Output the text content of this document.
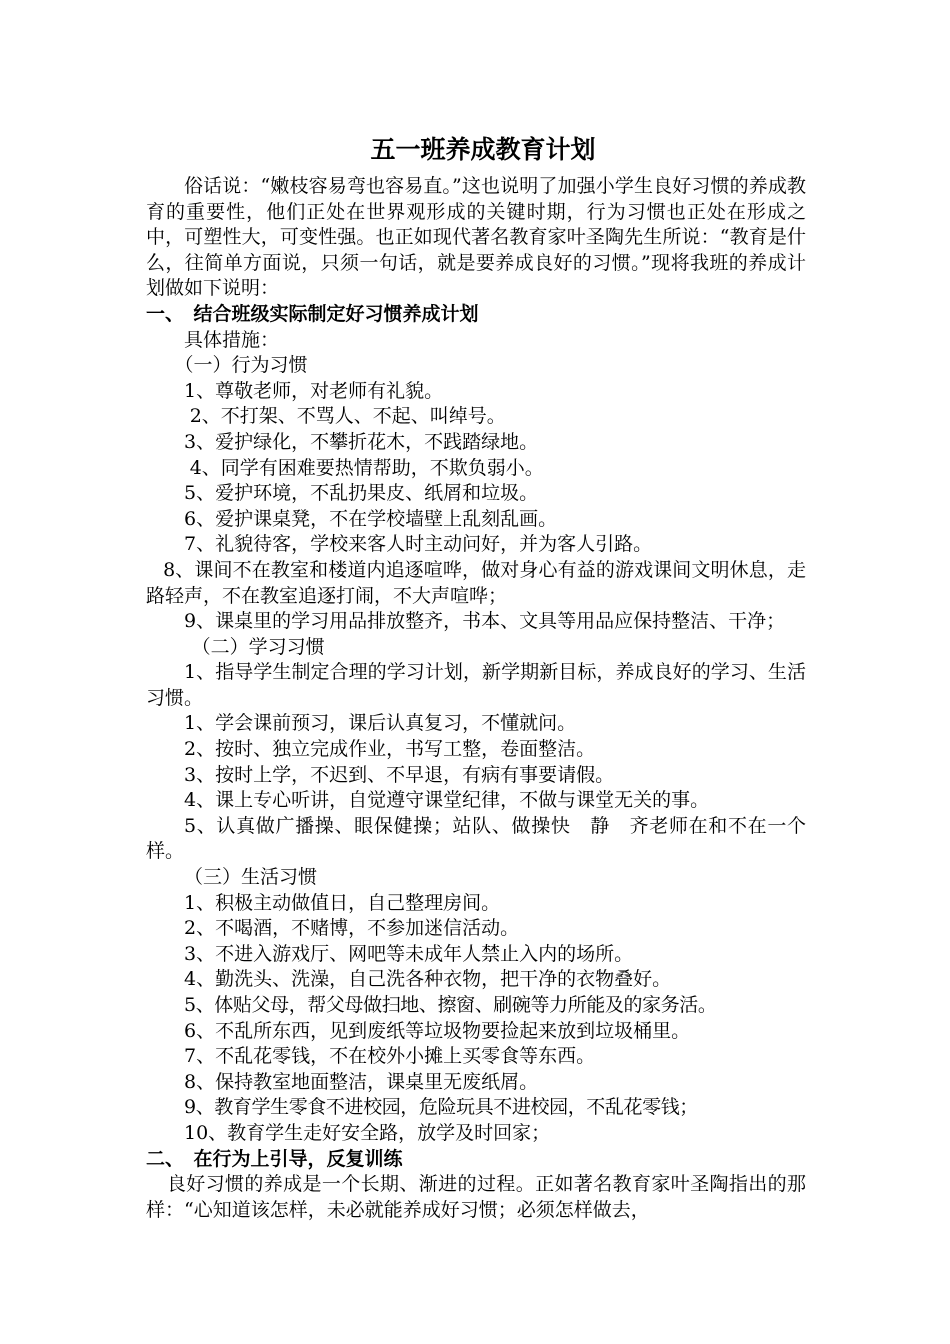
五一班养成教育计划

俗话说：“嫩枝容易弯也容易直。”这也说明了加强小学生良好习惯的养成教育的重要性，他们正处在世界观形成的关键时期，行为习惯也正处在形成之中，可塑性大，可变性强。也正如现代著名教育家叶圣陶先生所说：“教育是什么，往简单方面说，只须一句话，就是要养成良好的习惯。”现将我班的养成计划做如下说明：

一、 结合班级实际制定好习惯养成计划
具体措施：
（一）行为习惯
1、尊敬老师，对老师有礼貌。
2、不打架、不骂人、不起、叫绰号。
3、爱护绿化，不攀折花木，不践踏绿地。
4、同学有困难要热情帮助，不欺负弱小。
5、爱护环境，不乱扔果皮、纸屑和垃圾。
6、爱护课桌凳，不在学校墙壁上乱刻乱画。
7、礼貌待客，学校来客人时主动问好，并为客人引路。
8、课间不在教室和楼道内追逐喧哗，做对身心有益的游戏课间文明休息，走路轻声，不在教室追逐打闹，不大声喧哗；
9、课桌里的学习用品排放整齐，书本、文具等用品应保持整洁、干净；
（二）学习习惯
1、指导学生制定合理的学习计划，新学期新目标，养成良好的学习、生活习惯。
1、学会课前预习，课后认真复习，不懂就问。
2、按时、独立完成作业，书写工整，卷面整洁。
3、按时上学，不迟到、不早退，有病有事要请假。
4、课上专心听讲，自觉遵守课堂纪律，不做与课堂无关的事。
5、认真做广播操、眼保健操；站队、做操快　静　齐老师在和不在一个样。
（三）生活习惯
1、积极主动做值日，自己整理房间。
2、不喝酒，不赌博，不参加迷信活动。
3、不进入游戏厅、网吧等未成年人禁止入内的场所。
4、勤洗头、洗澡，自己洗各种衣物，把干净的衣物叠好。
5、体贴父母，帮父母做扫地、擦窗、刷碗等力所能及的家务活。
6、不乱所东西，见到废纸等垃圾物要捡起来放到垃圾桶里。
7、不乱花零钱，不在校外小摊上买零食等东西。
8、保持教室地面整洁，课桌里无废纸屑。
9、教育学生零食不进校园，危险玩具不进校园，不乱花零钱；
10、教育学生走好安全路，放学及时回家；
二、 在行为上引导，反复训练

良好习惯的养成是一个长期、渐进的过程。正如著名教育家叶圣陶指出的那样：“心知道该怎样，未必就能养成好习惯；必须怎样做去，
